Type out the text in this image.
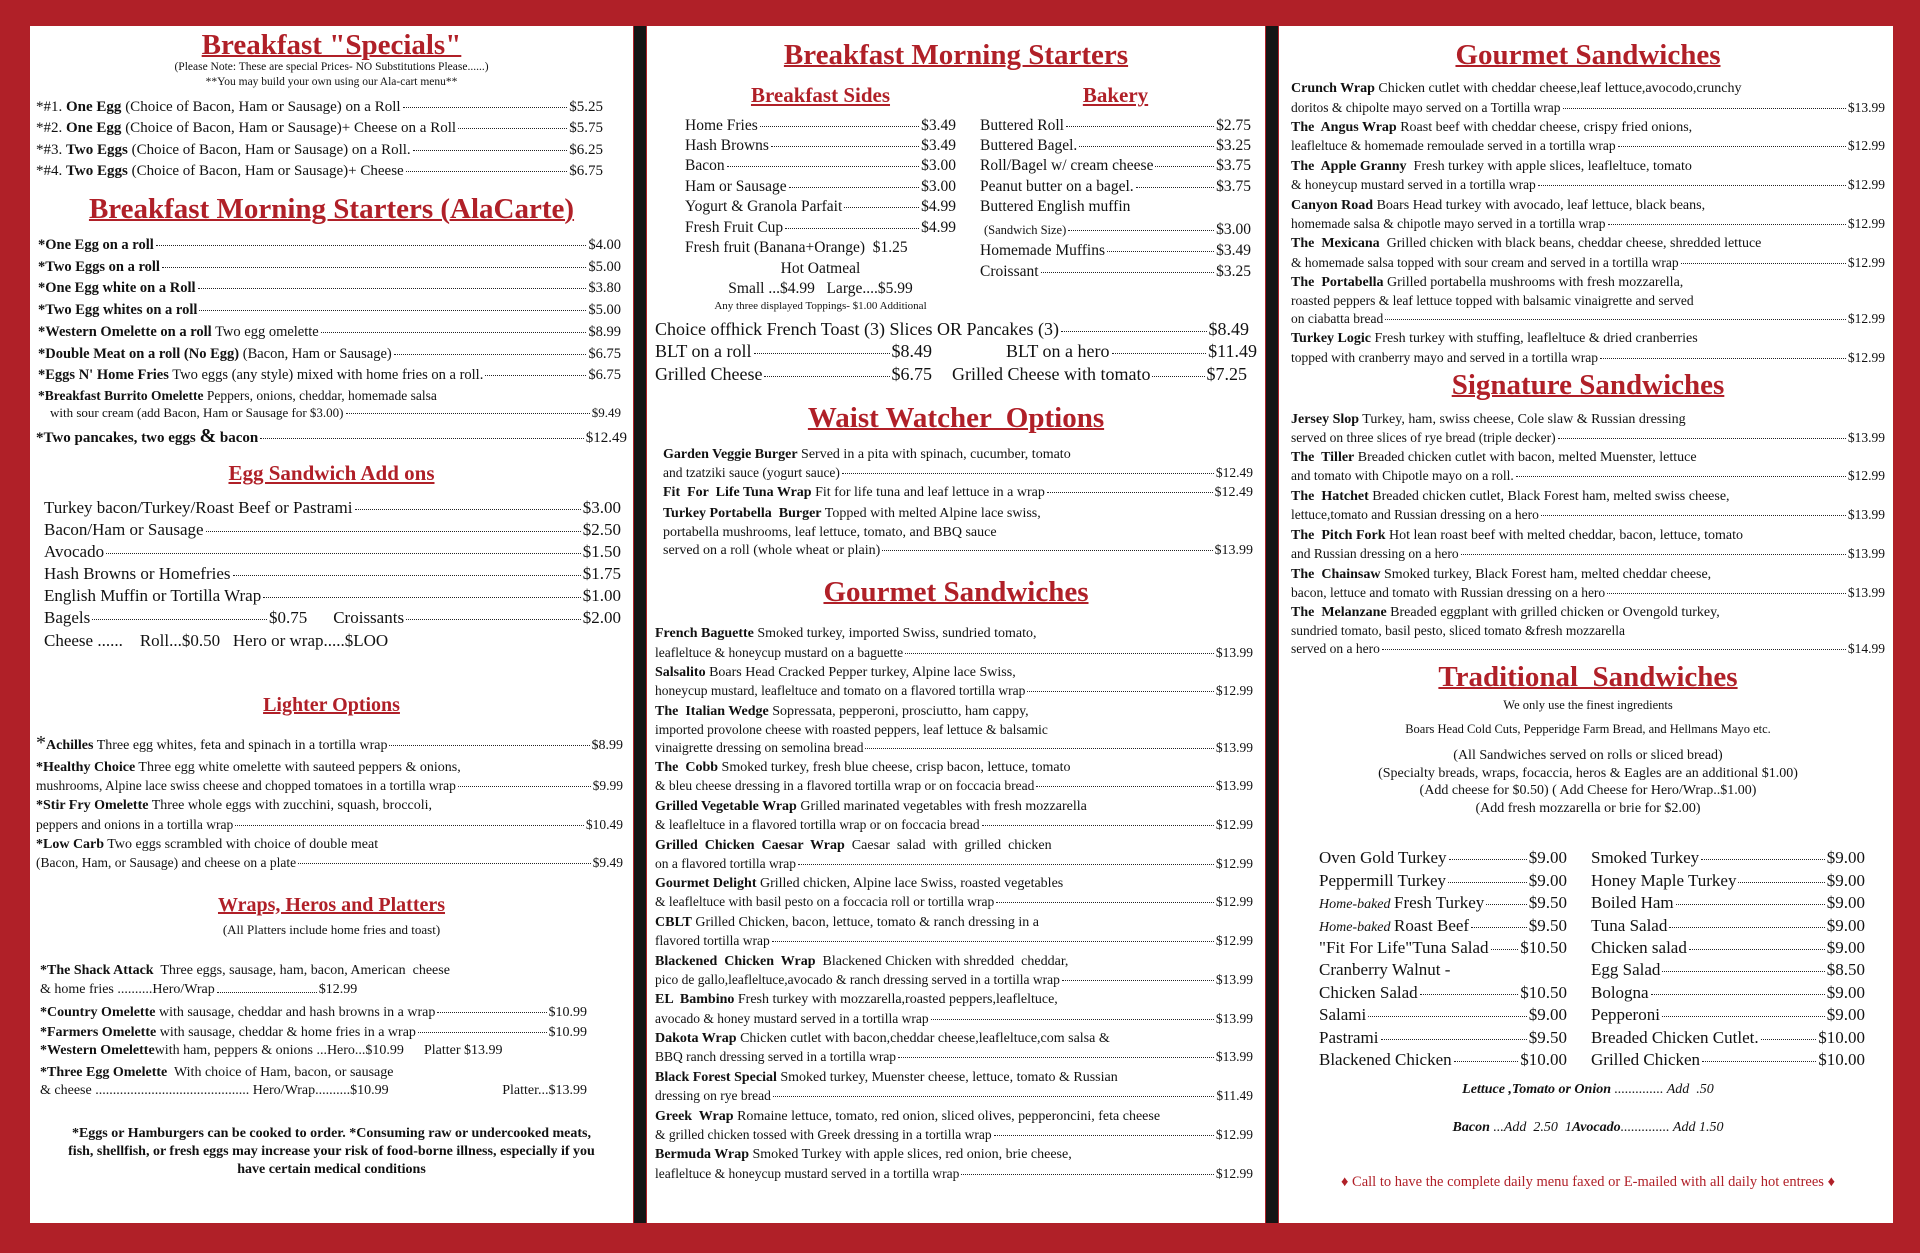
Breakfast "Specials"
(Please Note: These are special Prices- NO Substitutions Please......)
**You may build your own using our Ala-cart menu**
*#1. One Egg (Choice of Bacon, Ham or Sausage) on a Roll	$5.25
*#2. One Egg (Choice of Bacon, Ham or Sausage)+ Cheese on a Roll	$5.75
*#3. Two Eggs (Choice of Bacon, Ham or Sausage) on a Roll.	$6.25
*#4. Two Eggs (Choice of Bacon, Ham or Sausage)+ Cheese	$6.75
Breakfast Morning Starters (AlaCarte)
*One Egg on a roll	$4.00
*Two Eggs on a roll	$5.00
*One Egg white on a Roll	$3.80
*Two Egg whites on a roll	$5.00
*Western Omelette on a roll Two egg omelette	$8.99
*Double Meat on a roll (No Egg) (Bacon, Ham or Sausage)	$6.75
*Eggs N' Home Fries Two eggs (any style) mixed with home fries on a roll.	$6.75
*Breakfast Burrito Omelette Peppers, onions, cheddar, homemade salsa
with sour cream (add Bacon, Ham or Sausage for $3.00)	$9.49
*Two pancakes, two eggs & bacon	$12.49
Egg Sandwich Add ons
Turkey bacon/Turkey/Roast Beef or Pastrami	$3.00
Bacon/Ham or Sausage	$2.50
Avocado	$1.50
Hash Browns or Homefries	$1.75
English Muffin or Tortilla Wrap	$1.00
Bagels	$0.75 Croissants	$2.00
Cheese ......    Roll...$0.50   Hero or wrap.....$LOO
Lighter Options
*Achilles Three egg whites, feta and spinach in a tortilla wrap	$8.99
*Healthy Choice Three egg white omelette with sauteed peppers & onions,
mushrooms, Alpine lace swiss cheese and chopped tomatoes in a tortilla wrap	$9.99
*Stir Fry Omelette Three whole eggs with zucchini, squash, broccoli,
peppers and onions in a tortilla wrap	$10.49
*Low Carb Two eggs scrambled with choice of double meat
(Bacon, Ham, or Sausage) and cheese on a plate	$9.49
Wraps, Heros and Platters
(All Platters include home fries and toast)
*The Shack Attack  Three eggs, sausage, ham, bacon, American  cheese
& home fries ..........Hero/Wrap	$12.99
*Country Omelette with sausage, cheddar and hash browns in a wrap	$10.99
*Farmers Omelette with sausage, cheddar & home fries in a wrap	$10.99
*Western Omelette with ham, peppers & onions ...Hero...$10.99 Platter $13.99
*Three Egg Omelette  With choice of Ham, bacon, or sausage
& cheese ............................................ Hero/Wrap..........$10.99	Platter...$13.99
*Eggs or Hamburgers can be cooked to order. *Consuming raw or undercooked meats, fish, shellfish, or fresh eggs may increase your risk of food-borne illness, especially if you have certain medical conditions
Breakfast Morning Starters
Breakfast Sides
Home Fries	$3.49
Hash Browns	$3.49
Bacon	$3.00
Ham or Sausage	$3.00
Yogurt & Granola Parfait	$4.99
Fresh Fruit Cup	$4.99
Fresh fruit (Banana+Orange)  $1.25
Hot Oatmeal
Small ...$4.99   Large....$5.99
Any three displayed Toppings- $1.00 Additional
Bakery
Buttered Roll	$2.75
Buttered Bagel.	$3.25
Roll/Bagel w/ cream cheese	$3.75
Peanut butter on a bagel.	$3.75
Buttered English muffin
(Sandwich Size)	$3.00
Homemade Muffins	$3.49
Croissant	$3.25
Choice offhick French Toast (3) Slices OR Pancakes (3)	$8.49
BLT on a roll	$8.49	BLT on a hero	$11.49
Grilled Cheese	$6.75 Grilled Cheese with tomato	$7.25
Waist Watcher  Options
Garden Veggie Burger Served in a pita with spinach, cucumber, tomato
and tzatziki sauce (yogurt sauce)	$12.49
Fit  For  Life Tuna Wrap Fit for life tuna and leaf lettuce in a wrap	$12.49
Turkey Portabella  Burger Topped with melted Alpine lace swiss,
portabella mushrooms, leaf lettuce, tomato, and BBQ sauce
served on a roll (whole wheat or plain)	$13.99
Gourmet Sandwiches
French Baguette Smoked turkey, imported Swiss, sundried tomato,
leafleltuce & honeycup mustard on a baguette	$13.99
Salsalito Boars Head Cracked Pepper turkey, Alpine lace Swiss,
honeycup mustard, leafleltuce and tomato on a flavored tortilla wrap	$12.99
The  Italian Wedge Sopressata, pepperoni, prosciutto, ham cappy,
imported provolone cheese with roasted peppers, leaf lettuce & balsamic
vinaigrette dressing on semolina bread	$13.99
The  Cobb Smoked turkey, fresh blue cheese, crisp bacon, lettuce, tomato
& bleu cheese dressing in a flavored tortilla wrap or on foccacia bread	$13.99
Grilled Vegetable Wrap Grilled marinated vegetables with fresh mozzarella
& leafleltuce in a flavored tortilla wrap or on foccacia bread	$12.99
Grilled  Chicken  Caesar  Wrap  Caesar  salad  with  grilled  chicken
on a flavored tortilla wrap	$12.99
Gourmet Delight Grilled chicken, Alpine lace Swiss, roasted vegetables
& leafleltuce with basil pesto on a foccacia roll or tortilla wrap	$12.99
CBLT Grilled Chicken, bacon, lettuce, tomato & ranch dressing in a
flavored tortilla wrap	$12.99
Blackened  Chicken  Wrap  Blackened Chicken with shredded  cheddar,
pico de gallo,leafleltuce,avocado & ranch dressing served in a tortilla wrap	$13.99
EL  Bambino Fresh turkey with mozzarella,roasted peppers,leafleltuce,
avocado & honey mustard served in a tortilla wrap	$13.99
Dakota Wrap Chicken cutlet with bacon,cheddar cheese,leafleltuce,com salsa &
BBQ ranch dressing served in a tortilla wrap	$13.99
Black Forest Special Smoked turkey, Muenster cheese, lettuce, tomato & Russian
dressing on rye bread	$11.49
Greek  Wrap Romaine lettuce, tomato, red onion, sliced olives, pepperoncini, feta cheese
& grilled chicken tossed with Greek dressing in a tortilla wrap	$12.99
Bermuda Wrap Smoked Turkey with apple slices, red onion, brie cheese,
leafleltuce & honeycup mustard served in a tortilla wrap	$12.99
Gourmet Sandwiches
Crunch Wrap Chicken cutlet with cheddar cheese,leaf lettuce,avocodo,crunchy
doritos & chipolte mayo served on a Tortilla wrap	$13.99
The  Angus Wrap Roast beef with cheddar cheese, crispy fried onions,
leafleltuce & homemade remoulade served in a tortilla wrap	$12.99
The  Apple Granny  Fresh turkey with apple slices, leafleltuce, tomato
& honeycup mustard served in a tortilla wrap	$12.99
Canyon Road Boars Head turkey with avocado, leaf lettuce, black beans,
homemade salsa & chipotle mayo served in a tortilla wrap	$12.99
The  Mexicana  Grilled chicken with black beans, cheddar cheese, shredded lettuce
& homemade salsa topped with sour cream and served in a tortilla wrap	$12.99
The  Portabella Grilled portabella mushrooms with fresh mozzarella,
roasted peppers & leaf lettuce topped with balsamic vinaigrette and served
on ciabatta bread	$12.99
Turkey Logic Fresh turkey with stuffing, leafleltuce & dried cranberries
topped with cranberry mayo and served in a tortilla wrap	$12.99
Signature Sandwiches
Jersey Slop Turkey, ham, swiss cheese, Cole slaw & Russian dressing
served on three slices of rye bread (triple decker)	$13.99
The  Tiller Breaded chicken cutlet with bacon, melted Muenster, lettuce
and tomato with Chipotle mayo on a roll.	$12.99
The  Hatchet Breaded chicken cutlet, Black Forest ham, melted swiss cheese,
lettuce,tomato and Russian dressing on a hero	$13.99
The  Pitch Fork Hot lean roast beef with melted cheddar, bacon, lettuce, tomato
and Russian dressing on a hero	$13.99
The  Chainsaw Smoked turkey, Black Forest ham, melted cheddar cheese,
bacon, lettuce and tomato with Russian dressing on a hero	$13.99
The  Melanzane Breaded eggplant with grilled chicken or Ovengold turkey,
sundried tomato, basil pesto, sliced tomato &fresh mozzarella
served on a hero	$14.99
Traditional  Sandwiches
We only use the finest ingredients
Boars Head Cold Cuts, Pepperidge Farm Bread, and Hellmans Mayo etc.
(All Sandwiches served on rolls or sliced bread)
(Specialty breads, wraps, focaccia, heros & Eagles are an additional $1.00)
(Add cheese for $0.50) ( Add Cheese for Hero/Wrap..$1.00)
(Add fresh mozzarella or brie for $2.00)
Oven Gold Turkey	$9.00
Peppermill Turkey	$9.00
Home-baked Fresh Turkey	$9.50
Home-baked Roast Beef	$9.50
"Fit For Life"Tuna Salad $10.50
Cranberry Walnut -
Chicken Salad	$10.50
Salami	$9.00
Pastrami	$9.50
Blackened Chicken	$10.00
Smoked Turkey	$9.00
Honey Maple Turkey	$9.00
Boiled Ham	$9.00
Tuna Salad	$9.00
Chicken salad	$9.00
Egg Salad	$8.50
Bologna	$9.00
Pepperoni	$9.00
Breaded Chicken Cutlet.	$10.00
Grilled Chicken	$10.00
Lettuce ,Tomato or Onion .............. Add  .50
Bacon ...Add  2.50  1Avocado.............. Add 1.50
♦ Call to have the complete daily menu faxed or E-mailed with all daily hot entrees ♦
